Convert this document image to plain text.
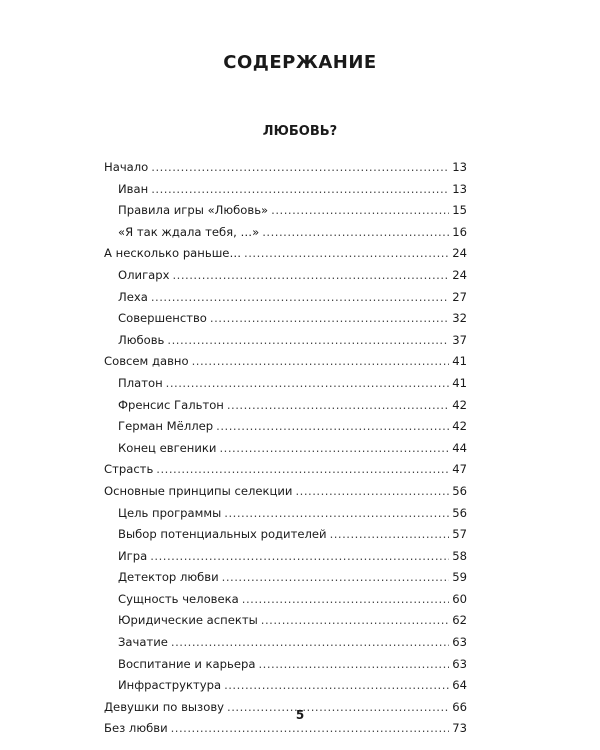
СОДЕРЖАНИЕ
ЛЮБОВЬ?
Начало .....	13
Иван .....	13
Правила игры «Любовь» .....	15
«Я так ждала тебя, …» .....	16
А несколько раньше… .....	24
Олигарх .....	24
Леха .....	27
Совершенство .....	32
Любовь .....	37
Совсем давно .....	41
Платон .....	41
Френсис Гальтон .....	42
Герман Мёллер .....	42
Конец евгеники .....	44
Страсть .....	47
Основные принципы селекции .....	56
Цель программы .....	56
Выбор потенциальных родителей .....	57
Игра .....	58
Детектор любви .....	59
Сущность человека .....	60
Юридические аспекты .....	62
Зачатие .....	63
Воспитание и карьера .....	63
Инфраструктура .....	64
Девушки по вызову .....	66
Без любви .....	73
5
